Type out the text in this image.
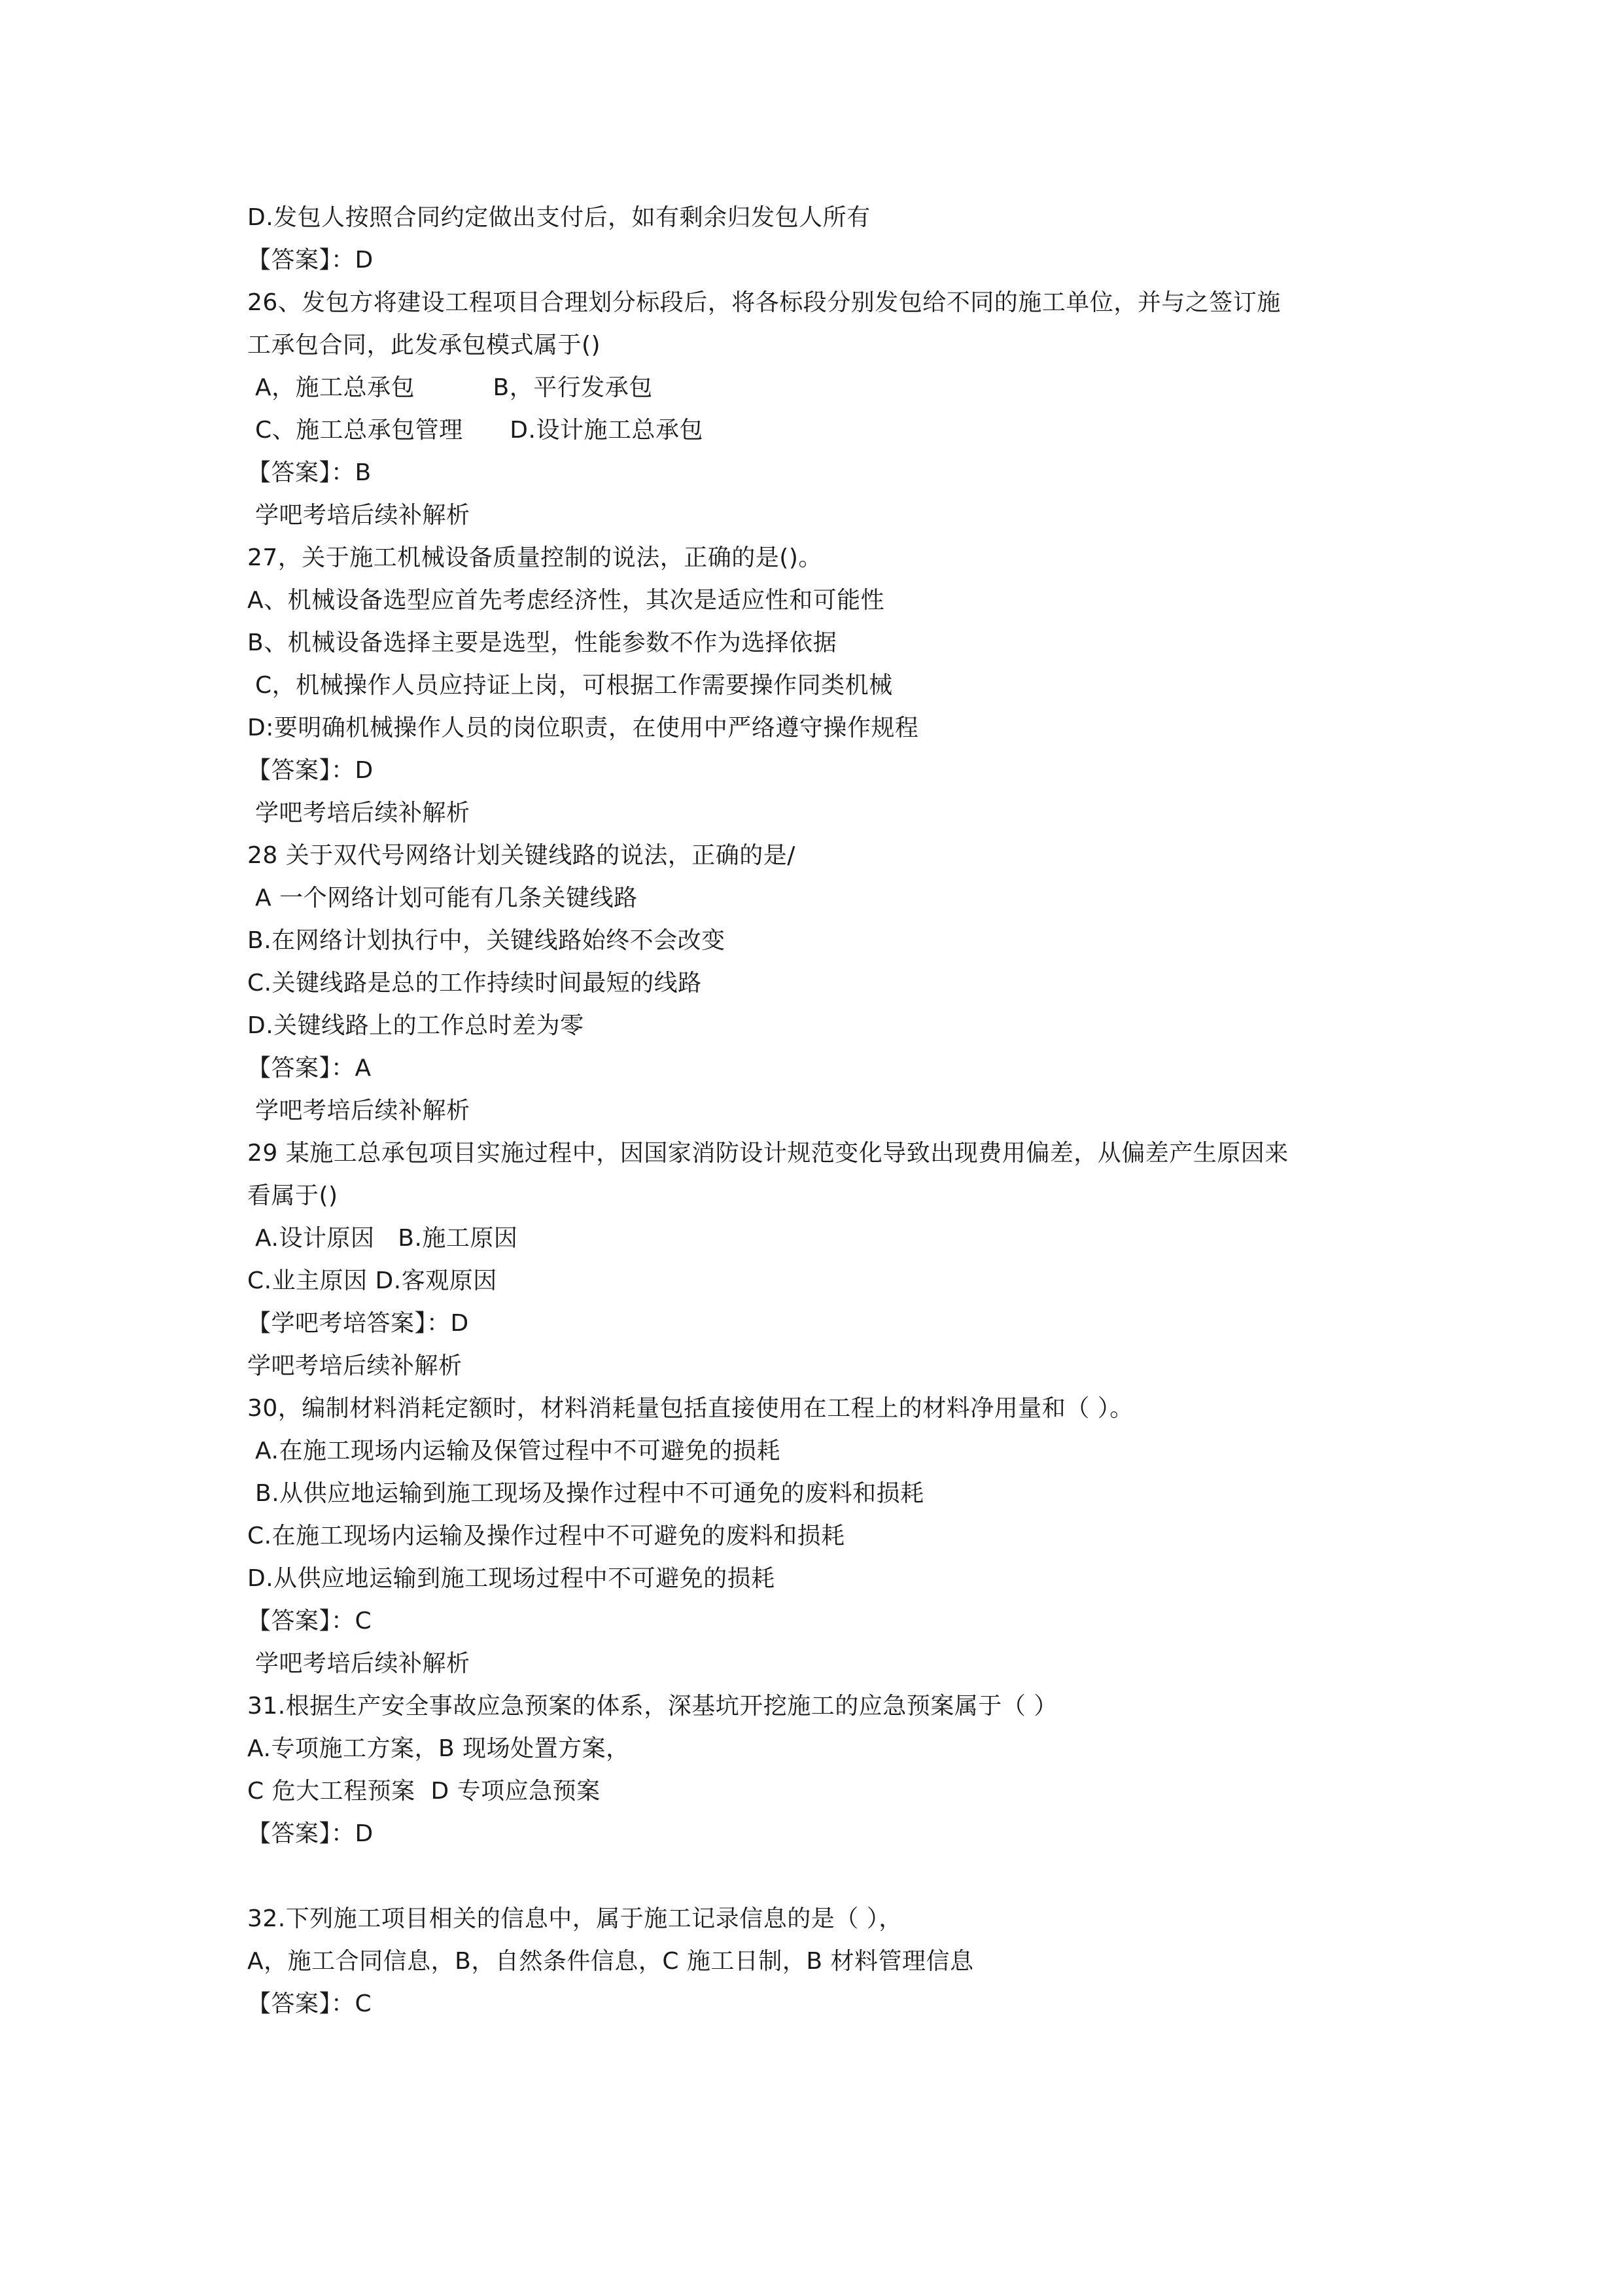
D.发包人按照合同约定做出支付后，如有剩余归发包人所有
【答案】：D
26、发包方将建设工程项目合理划分标段后，将各标段分别发包给不同的施工单位，并与之签订施
工承包合同，此发承包模式属于()
A，施工总承包          B，平行发承包
C、施工总承包管理      D.设计施工总承包
【答案】：B
学吧考培后续补解析
27，关于施工机械设备质量控制的说法，正确的是()。
A、机械设备选型应首先考虑经济性，其次是适应性和可能性
B、机械设备选择主要是选型，性能参数不作为选择依据
C，机械操作人员应持证上岗，可根据工作需要操作同类机械
D:要明确机械操作人员的岗位职责，在使用中严络遵守操作规程
【答案】：D
学吧考培后续补解析
28 关于双代号网络计划关键线路的说法，正确的是/
A 一个网络计划可能有几条关键线路
B.在网络计划执行中，关键线路始终不会改变
C.关键线路是总的工作持续时间最短的线路
D.关键线路上的工作总时差为零
【答案】：A
学吧考培后续补解析
29 某施工总承包项目实施过程中，因国家消防设计规范变化导致出现费用偏差，从偏差产生原因来
看属于()
A.设计原因   B.施工原因
C.业主原因 D.客观原因
【学吧考培答案】：D
学吧考培后续补解析
30，编制材料消耗定额时，材料消耗量包括直接使用在工程上的材料净用量和（ ）。
A.在施工现场内运输及保管过程中不可避免的损耗
B.从供应地运输到施工现场及操作过程中不可通免的废料和损耗
C.在施工现场内运输及操作过程中不可避免的废料和损耗
D.从供应地运输到施工现场过程中不可避免的损耗
【答案】：C
学吧考培后续补解析
31.根据生产安全事故应急预案的体系，深基坑开挖施工的应急预案属于（ ）
A.专项施工方案，B 现场处置方案，
C 危大工程预案  D 专项应急预案
【答案】：D
32.下列施工项目相关的信息中，属于施工记录信息的是（ ），
A，施工合同信息，B，自然条件信息，C 施工日制，B 材料管理信息
【答案】：C
